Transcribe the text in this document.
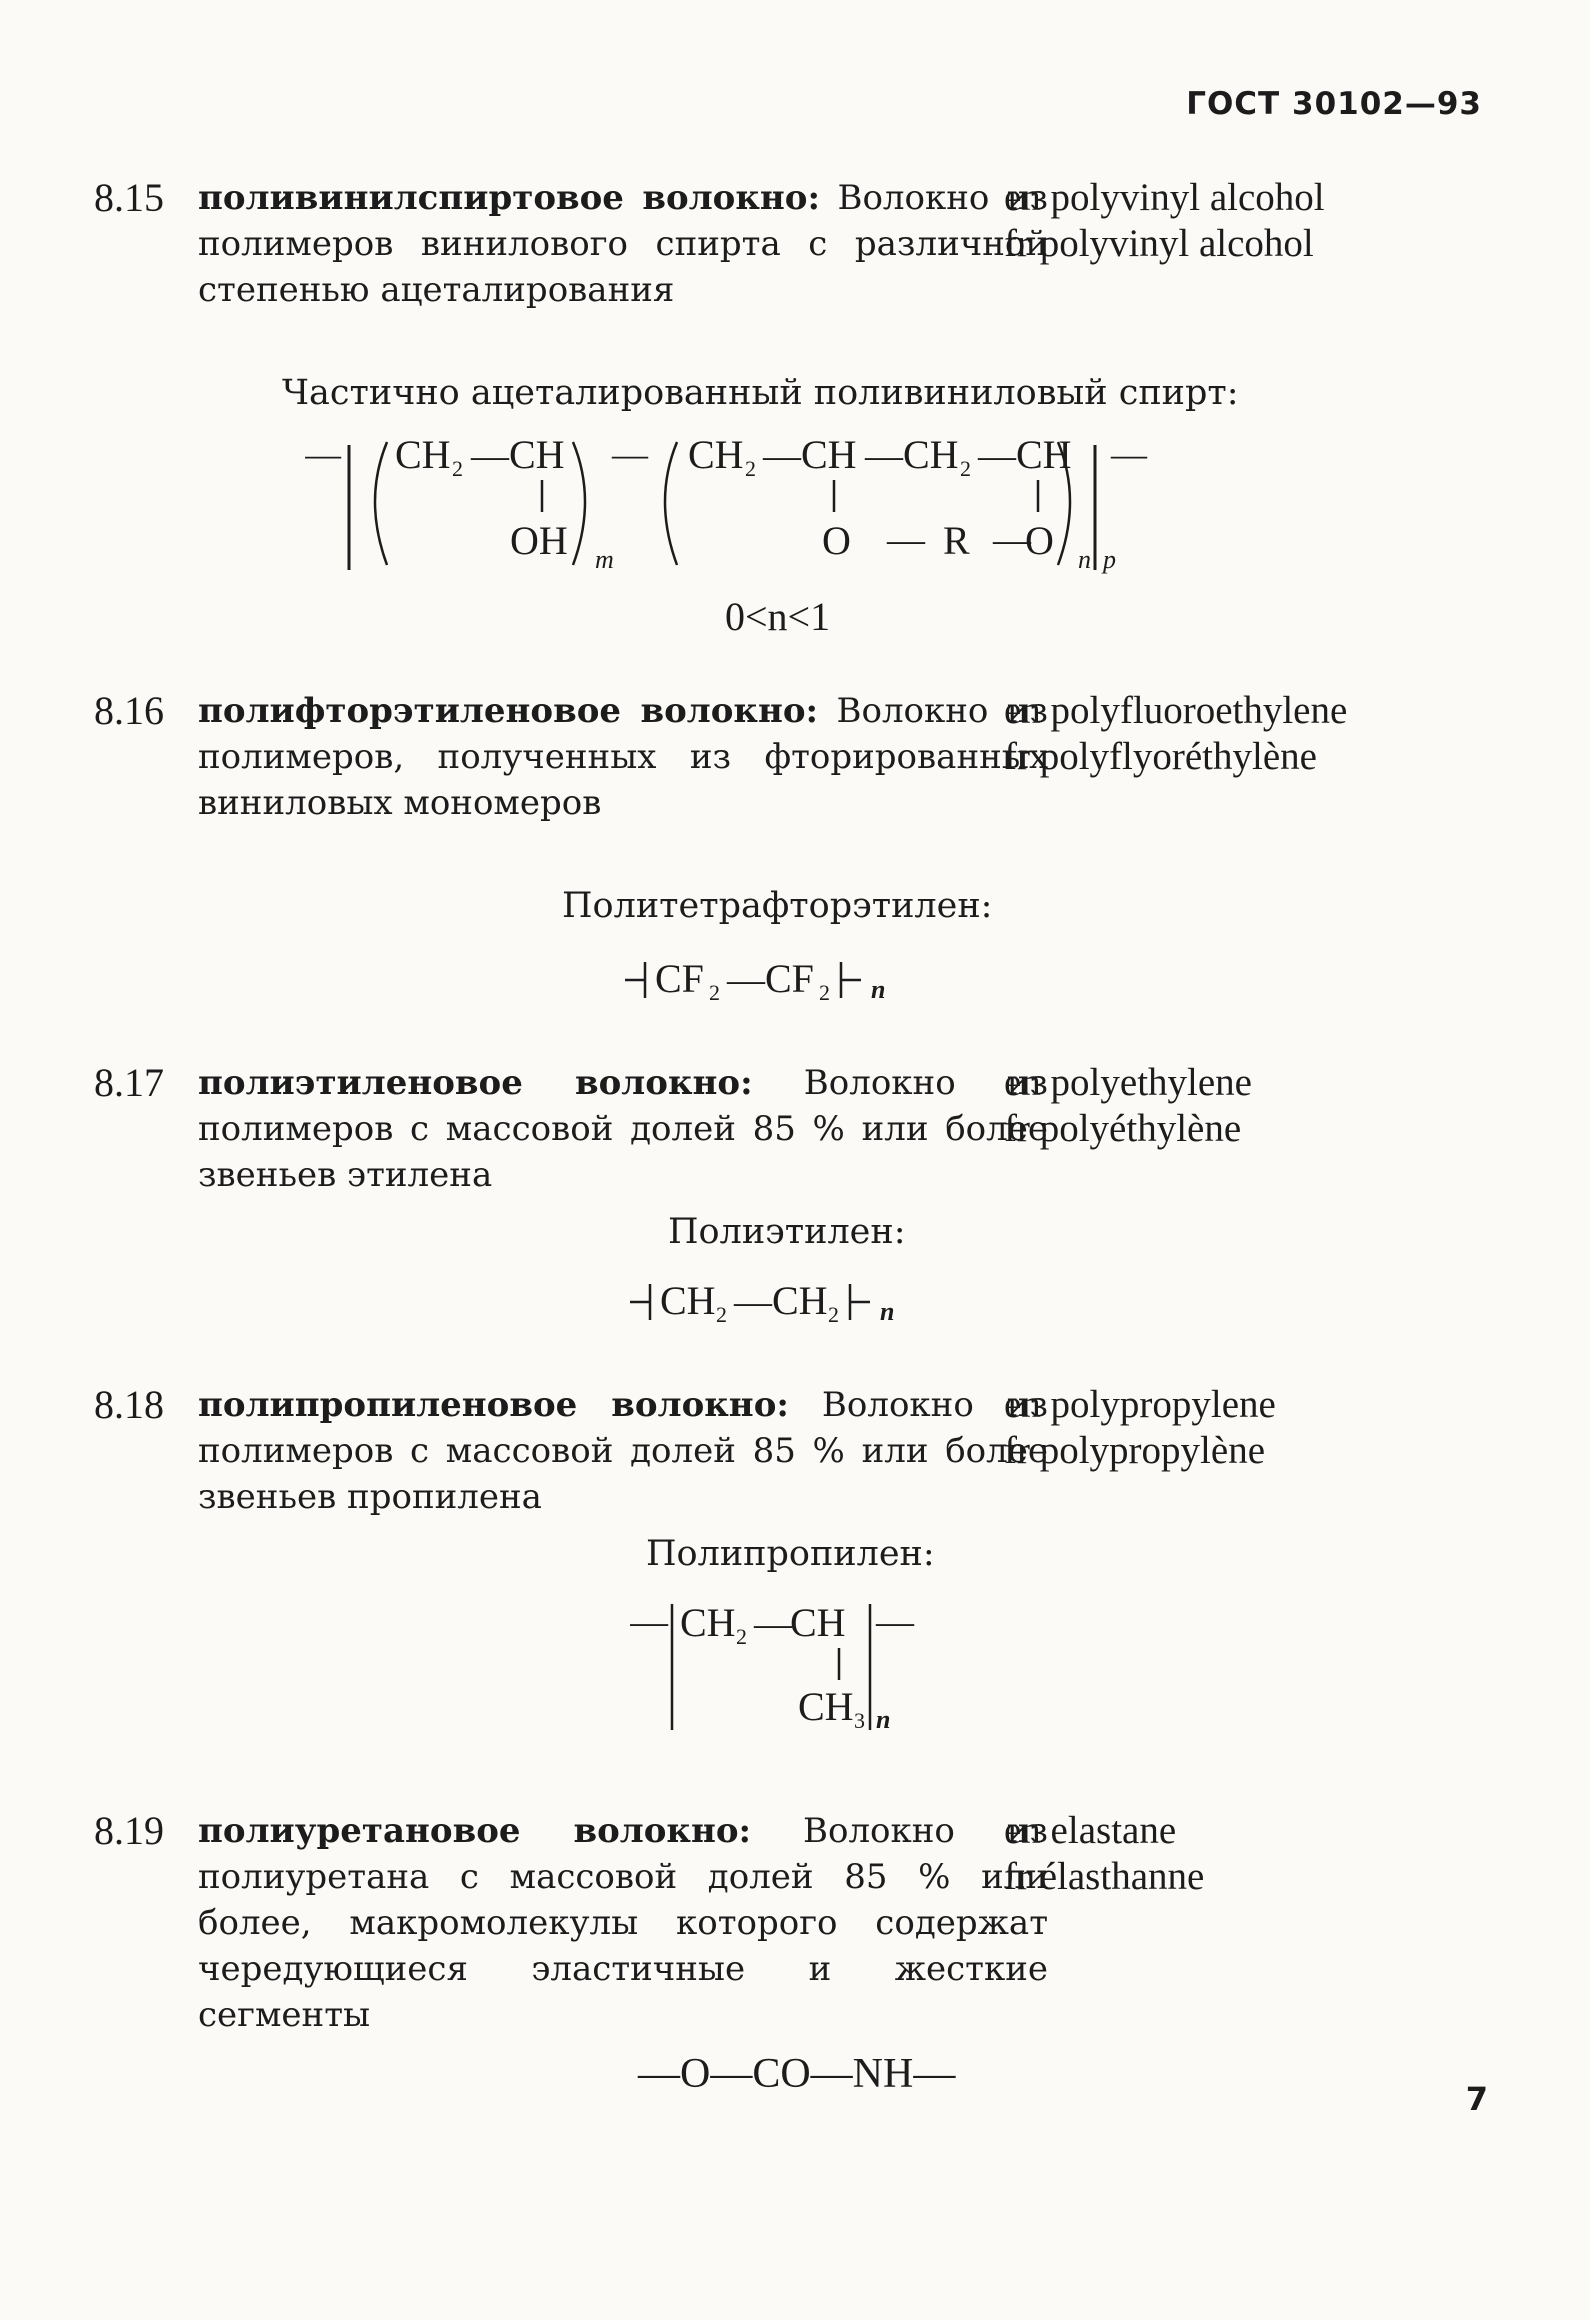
ГОСТ 30102—93
8.15 поливинилспиртовое волокно: Волокно из полимеров винилового спирта с различной степенью ацеталирования
en polyvinyl alcohol
fr polyvinyl alcohol
Частично ацеталированный поливиниловый спирт:
— CH 2 — CH
OH m
— CH 2 — CH — CH 2 — CH
O — R —
O n p
—
0<n<1
8.16 полифторэтиленовое волокно: Волокно из полимеров, полученных из фторированных виниловых мономеров
en polyfluoroethylene
fr polyflyoréthylène
Политетрафторэтилен:
CF 2 — CF 2 n
8.17 полиэтиленовое волокно: Волокно из полимеров с массовой долей 85 % или более звеньев этилена
en polyethylene
fr polyéthylène
Полиэтилен:
CH 2 — CH 2 n
8.18 полипропиленовое волокно: Волокно из полимеров с массовой долей 85 % или более звеньев пропилена
en polypropylene
fr polypropylène
Полипропилен:
— CH 2 —
CH
CH 3
—
n
8.19 полиуретановое волокно: Волокно из полиуретана с массовой долей 85 % или более, макромолекулы которого содержат чередующиеся эластичные и жесткие сегменты
en elastane
fr élasthanne
—O—CO—NH—
7
